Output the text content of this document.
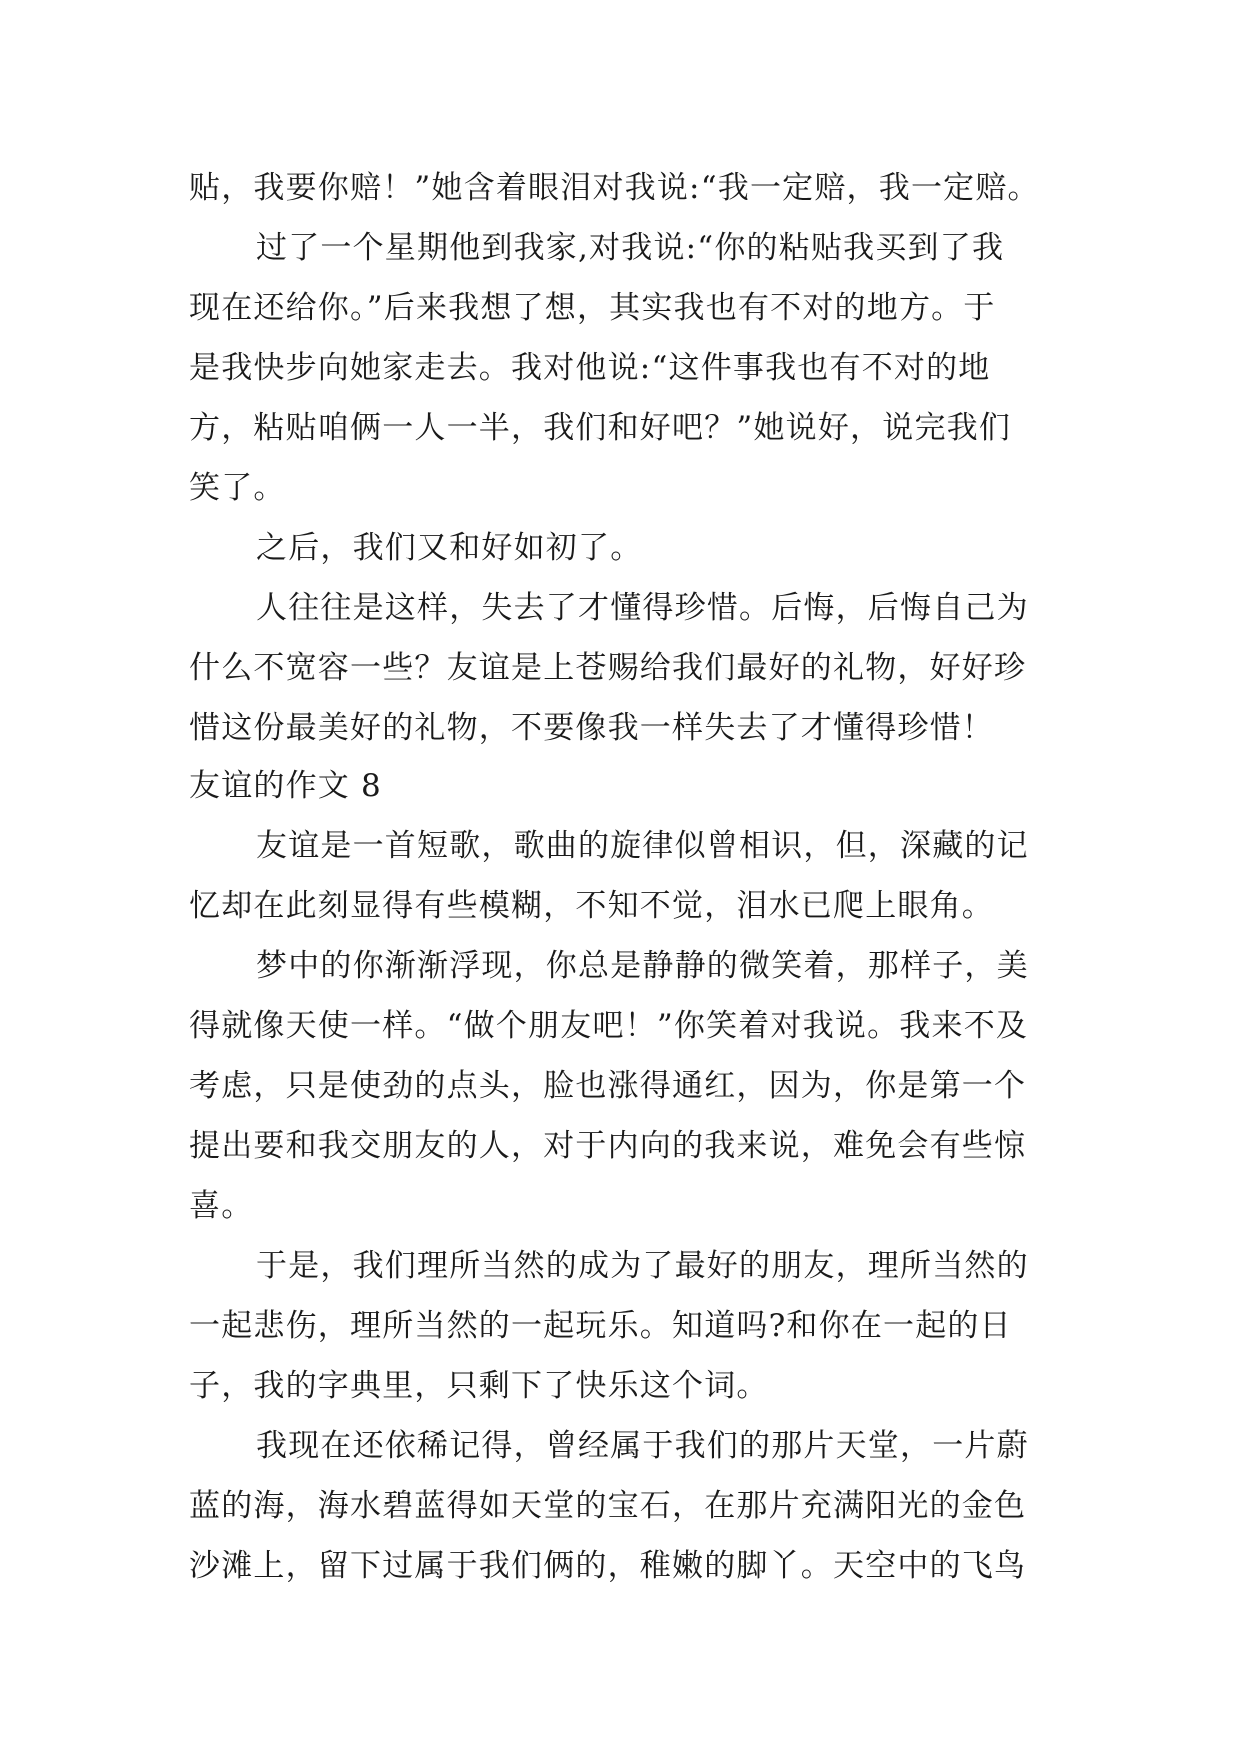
贴，我要你赔！”她含着眼泪对我说:“我一定赔，我一定赔。
过了一个星期他到我家,对我说:“你的粘贴我买到了我
现在还给你。”后来我想了想，其实我也有不对的地方。于
是我快步向她家走去。我对他说:“这件事我也有不对的地
方，粘贴咱俩一人一半，我们和好吧？”她说好，说完我们
笑了。
之后，我们又和好如初了。
人往往是这样，失去了才懂得珍惜。后悔，后悔自己为
什么不宽容一些？友谊是上苍赐给我们最好的礼物，好好珍
惜这份最美好的礼物，不要像我一样失去了才懂得珍惜！
友谊的作文 8
友谊是一首短歌，歌曲的旋律似曾相识，但，深藏的记
忆却在此刻显得有些模糊，不知不觉，泪水已爬上眼角。
梦中的你渐渐浮现，你总是静静的微笑着，那样子，美
得就像天使一样。“做个朋友吧！”你笑着对我说。我来不及
考虑，只是使劲的点头，脸也涨得通红，因为，你是第一个
提出要和我交朋友的人，对于内向的我来说，难免会有些惊
喜。
于是，我们理所当然的成为了最好的朋友，理所当然的
一起悲伤，理所当然的一起玩乐。知道吗?和你在一起的日
子，我的字典里，只剩下了快乐这个词。
我现在还依稀记得，曾经属于我们的那片天堂，一片蔚
蓝的海，海水碧蓝得如天堂的宝石，在那片充满阳光的金色
沙滩上，留下过属于我们俩的，稚嫩的脚丫。天空中的飞鸟
